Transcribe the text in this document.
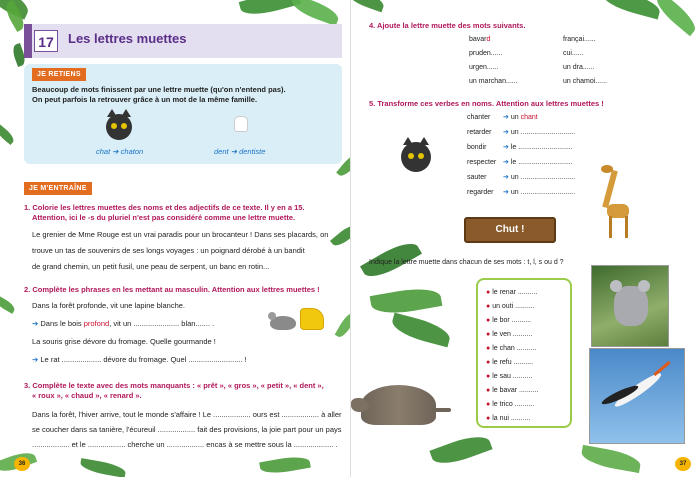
17	Les lettres muettes
JE RETIENS
Beaucoup de mots finissent par une lettre muette (qu'on n'entend pas).
On peut parfois la retrouver grâce à un mot de la même famille.
chat ➔ chaton	dent ➔ dentiste
JE M'ENTRAÎNE
1. Colorie les lettres muettes des noms et des adjectifs de ce texte. Il y en a 15.
Attention, ici le -s du pluriel n'est pas considéré comme une lettre muette.
Le grenier de Mme Rouge est un vrai paradis pour un brocanteur ! Dans ses placards, on
trouve un tas de souvenirs de ses longs voyages : un poignard dérobé à un bandit
de grand chemin, un petit fusil, une peau de serpent, un banc en rotin...
2. Complète les phrases en les mettant au masculin. Attention aux lettres muettes !
Dans la forêt profonde, vit une lapine blanche.
➔ Dans le bois profond, vit un ...................... blan....... .
La souris grise dévore du fromage. Quelle gourmande !
➔ Le rat ................... dévore du fromage. Quel .......................... !
3. Complète le texte avec des mots manquants : « prêt », « gros », « petit », « dent »,
« roux », « chaud », « renard ».
Dans la forêt, l'hiver arrive, tout le monde s'affaire ! Le .................. ours est .................. à aller
se coucher dans sa tanière, l'écureuil .................. fait des provisions, la joie part pour un pays
.................. et le .................. cherche un .................. encas à se mettre sous la ................... .
36
4. Ajoute la lettre muette des mots suivants.
bavard
pruden......
urgen......
un marchan......
françai......
cui......
un dra......
un chamoi......
5. Transforme ces verbes en noms. Attention aux lettres muettes !
chanter ➔ un chant
retarder ➔ un ............................
bondir ➔ le ............................
respecter ➔ le ............................
sauter ➔ un ............................
regarder ➔ un ............................
Chut !
Indique la lettre muette dans chacun de ses mots : t, l, s ou d ?
● le renar ..........
● un outi ..........
● le bor ..........
● le ven ..........
● le chan ..........
● le refu ..........
● le sau ..........
● le bavar ..........
● le trico ..........
● la nui ..........
37
